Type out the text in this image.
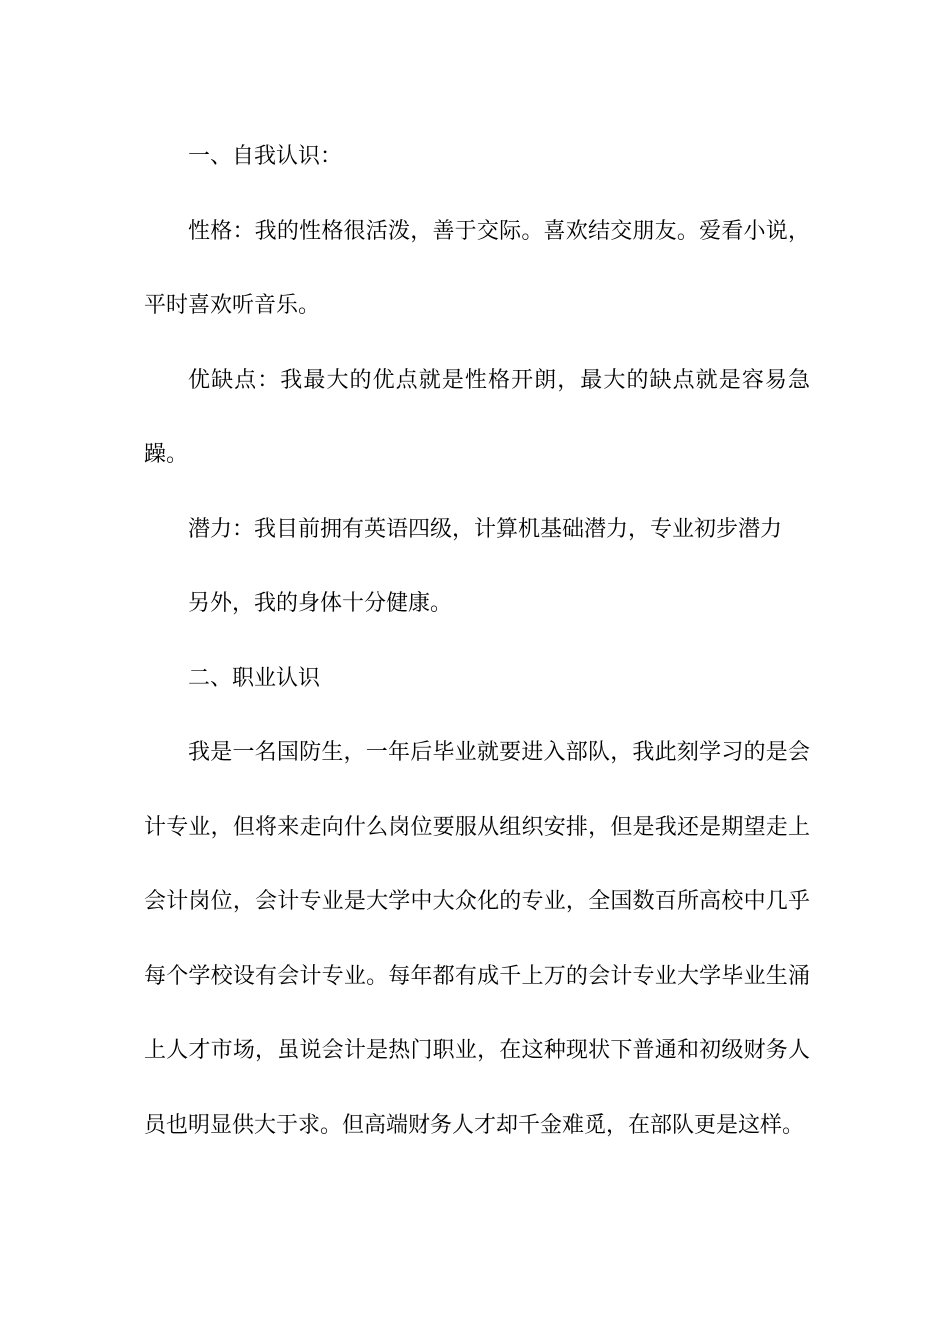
一、自我认识：

性格：我的性格很活泼，善于交际。喜欢结交朋友。爱看小说，平时喜欢听音乐。

优缺点：我最大的优点就是性格开朗，最大的缺点就是容易急躁。

潜力：我目前拥有英语四级，计算机基础潜力，专业初步潜力

另外，我的身体十分健康。

二、职业认识

我是一名国防生，一年后毕业就要进入部队，我此刻学习的是会计专业，但将来走向什么岗位要服从组织安排，但是我还是期望走上会计岗位，会计专业是大学中大众化的专业，全国数百所高校中几乎每个学校设有会计专业。每年都有成千上万的会计专业大学毕业生涌上人才市场，虽说会计是热门职业，在这种现状下普通和初级财务人员也明显供大于求。但高端财务人才却千金难觅，在部队更是这样。
